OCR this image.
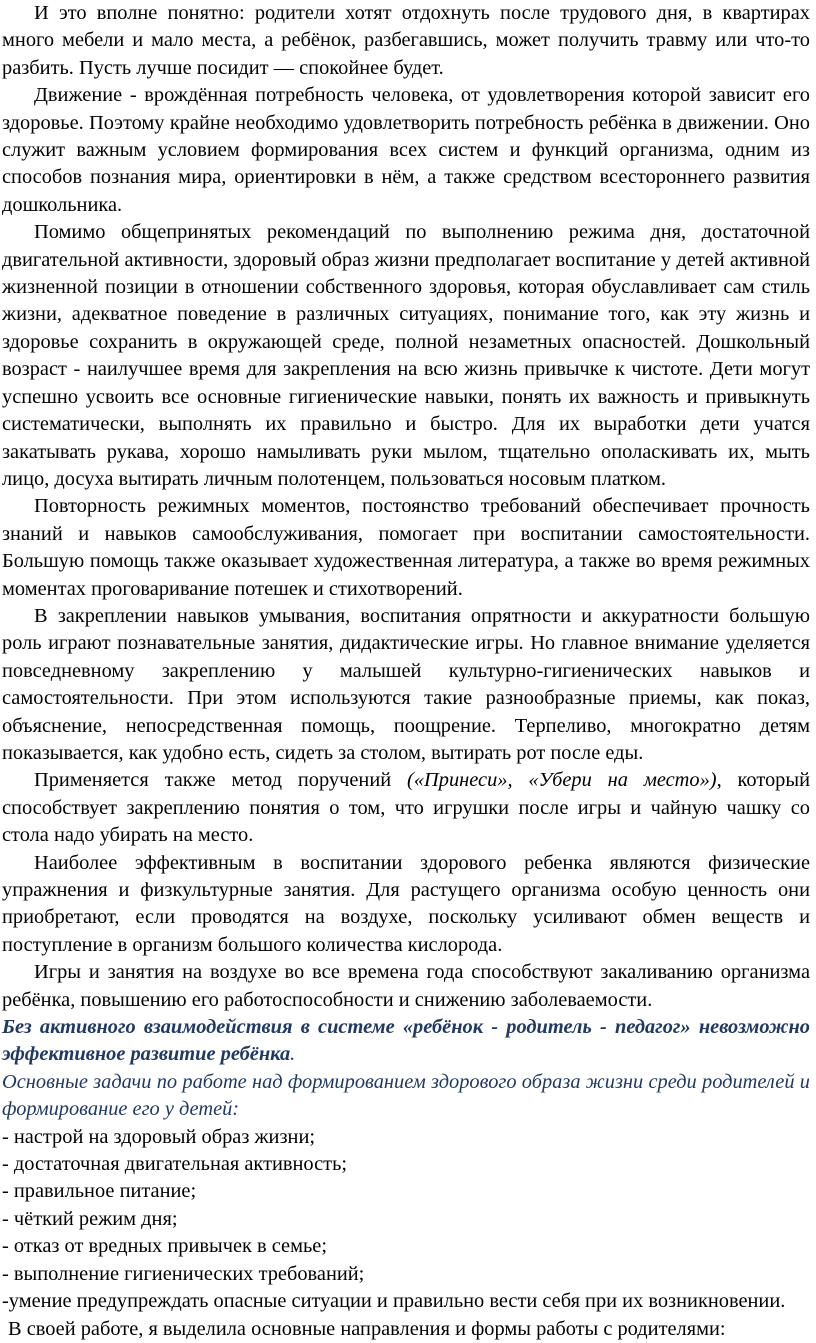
И это вполне понятно: родители хотят отдохнуть после трудового дня, в квартирах много мебели и мало места, а ребёнок, разбегавшись, может получить травму или что-то разбить. Пусть лучше посидит — спокойнее будет.

Движение - врождённая потребность человека, от удовлетворения которой зависит его здоровье. Поэтому крайне необходимо удовлетворить потребность ребёнка в движении. Оно служит важным условием формирования всех систем и функций организма, одним из способов познания мира, ориентировки в нём, а также средством всестороннего развития дошкольника.

Помимо общепринятых рекомендаций по выполнению режима дня, достаточной двигательной активности, здоровый образ жизни предполагает воспитание у детей активной жизненной позиции в отношении собственного здоровья, которая обуславливает сам стиль жизни, адекватное поведение в различных ситуациях, понимание того, как эту жизнь и здоровье сохранить в окружающей среде, полной незаметных опасностей. Дошкольный возраст - наилучшее время для закрепления на всю жизнь привычке к чистоте. Дети могут успешно усвоить все основные гигиенические навыки, понять их важность и привыкнуть систематически, выполнять их правильно и быстро. Для их выработки дети учатся закатывать рукава, хорошо намыливать руки мылом, тщательно ополаскивать их, мыть лицо, досуха вытирать личным полотенцем, пользоваться носовым платком.

Повторность режимных моментов, постоянство требований обеспечивает прочность знаний и навыков самообслуживания, помогает при воспитании самостоятельности. Большую помощь также оказывает художественная литература, а также во время режимных моментах проговаривание потешек и стихотворений.

В закреплении навыков умывания, воспитания опрятности и аккуратности большую роль играют познавательные занятия, дидактические игры. Но главное внимание уделяется повседневному закреплению у малышей культурно-гигиенических навыков и самостоятельности. При этом используются такие разнообразные приемы, как показ, объяснение, непосредственная помощь, поощрение. Терпеливо, многократно детям показывается, как удобно есть, сидеть за столом, вытирать рот после еды.

Применяется также метод поручений («Принеси», «Убери на место»), который способствует закреплению понятия о том, что игрушки после игры и чайную чашку со стола надо убирать на место.

Наиболее эффективным в воспитании здорового ребенка являются физические упражнения и физкультурные занятия. Для растущего организма особую ценность они приобретают, если проводятся на воздухе, поскольку усиливают обмен веществ и поступление в организм большого количества кислорода.

Игры и занятия на воздухе во все времена года способствуют закаливанию организма ребёнка, повышению его работоспособности и снижению заболеваемости.

Без активного взаимодействия в системе «ребёнок - родитель - педагог» невозможно эффективное развитие ребёнка.

Основные задачи по работе над формированием здорового образа жизни среди родителей и формирование его у детей:

- настрой на здоровый образ жизни;

- достаточная двигательная активность;

- правильное питание;

- чёткий режим дня;

- отказ от вредных привычек в семье;

- выполнение гигиенических требований;

-умение предупреждать опасные ситуации и правильно вести себя при их возникновении.

В своей работе, я выделила основные направления и формы работы с родителями:
